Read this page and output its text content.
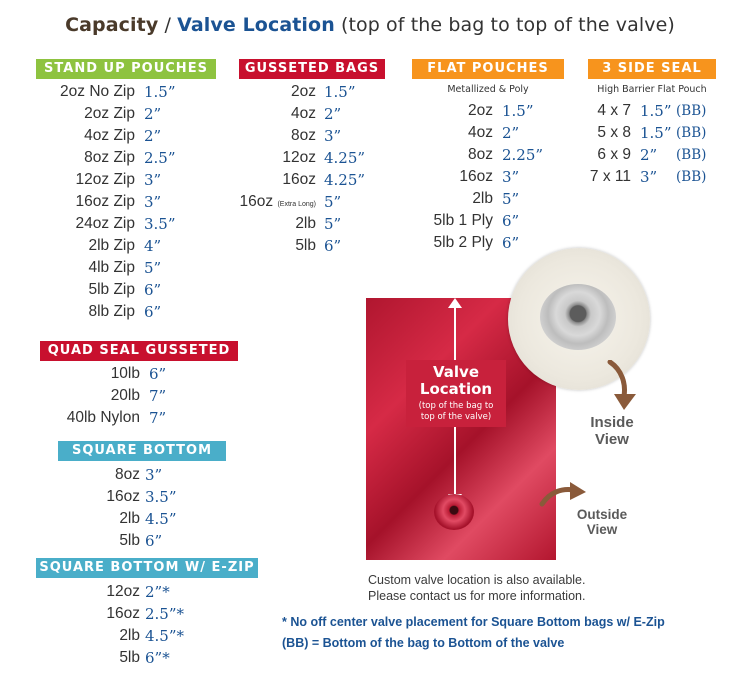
Capacity / Valve Location (top of the bag to top of the valve)
STAND UP POUCHES
2oz No Zip 1.5”
2oz Zip 2”
4oz Zip 2”
8oz Zip 2.5”
12oz Zip 3”
16oz Zip 3”
24oz Zip 3.5”
2lb Zip 4”
4lb Zip 5”
5lb Zip 6”
8lb Zip 6”
GUSSETED BAGS
2oz 1.5”
4oz 2”
8oz 3”
12oz 4.25”
16oz 4.25”
16oz (Extra Long) 5”
2lb 5”
5lb 6”
FLAT POUCHES
Metallized & Poly
2oz 1.5”
4oz 2”
8oz 2.25”
16oz 3”
2lb 5”
5lb 1 Ply 6”
5lb 2 Ply 6”
3 SIDE SEAL
High Barrier Flat Pouch
4 x 7 1.5” (BB)
5 x 8 1.5” (BB)
6 x 9 2” (BB)
7 x 11 3” (BB)
QUAD SEAL GUSSETED
10lb 6”
20lb 7”
40lb Nylon 7”
SQUARE BOTTOM
8oz 3”
16oz 3.5”
2lb 4.5”
5lb 6”
SQUARE BOTTOM W/ E-ZIP
12oz 2”*
16oz 2.5”*
2lb 4.5”*
5lb 6”*
Valve
Location
(top of the bag to
top of the valve)	Inside
View
Outside
View
Custom valve location is also available.
Please contact us for more information.
* No off center valve placement for Square Bottom bags w/ E-Zip
(BB) = Bottom of the bag to Bottom of the valve
